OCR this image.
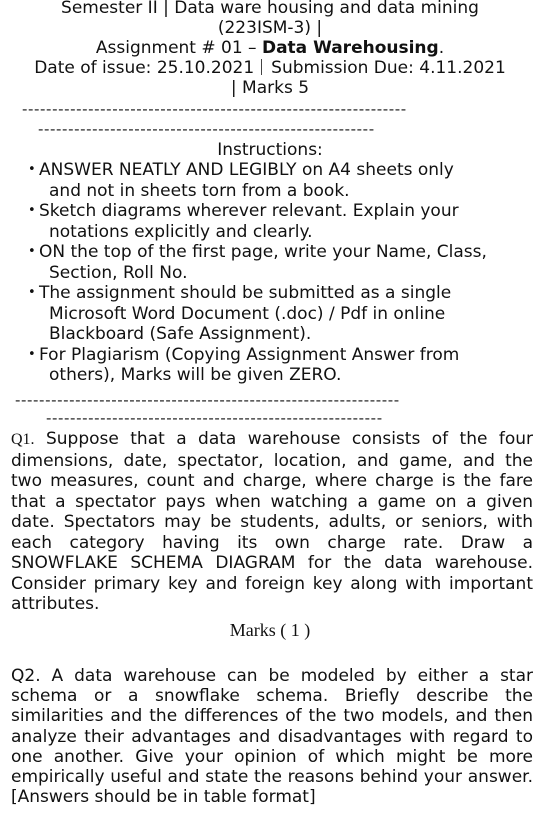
Semester II | Data ware housing and data mining
(223ISM-3) |
Assignment # 01 – Data Warehousing.
Date of issue: 25.10.2021 Submission Due: 4.11.2021
| Marks 5
----------------------------------------------------------------
--------------------------------------------------------
Instructions:
• ANSWER NEATLY AND LEGIBLY on A4 sheets only
and not in sheets torn from a book.
• Sketch diagrams wherever relevant. Explain your
notations explicitly and clearly.
• ON the top of the first page, write your Name, Class,
Section, Roll No.
• The assignment should be submitted as a single
Microsoft Word Document (.doc) / Pdf in online Blackboard (Safe Assignment).
• For Plagiarism (Copying Assignment Answer from
others), Marks will be given ZERO.
----------------------------------------------------------------
--------------------------------------------------------
Q1. Suppose that a data warehouse consists of the four dimensions, date, spectator, location, and game, and the two measures, count and charge, where charge is the fare that a spectator pays when watching a game on a given date. Spectators may be students, adults, or seniors, with each category having its own charge rate. Draw a SNOWFLAKE SCHEMA DIAGRAM for the data warehouse. Consider primary key and foreign key along with important attributes.
Marks ( 1 )
Q2. A data warehouse can be modeled by either a star schema or a snowflake schema. Briefly describe the similarities and the differences of the two models, and then analyze their advantages and disadvantages with regard to one another. Give your opinion of which might be more empirically useful and state the reasons behind your answer. [Answers should be in table format]
